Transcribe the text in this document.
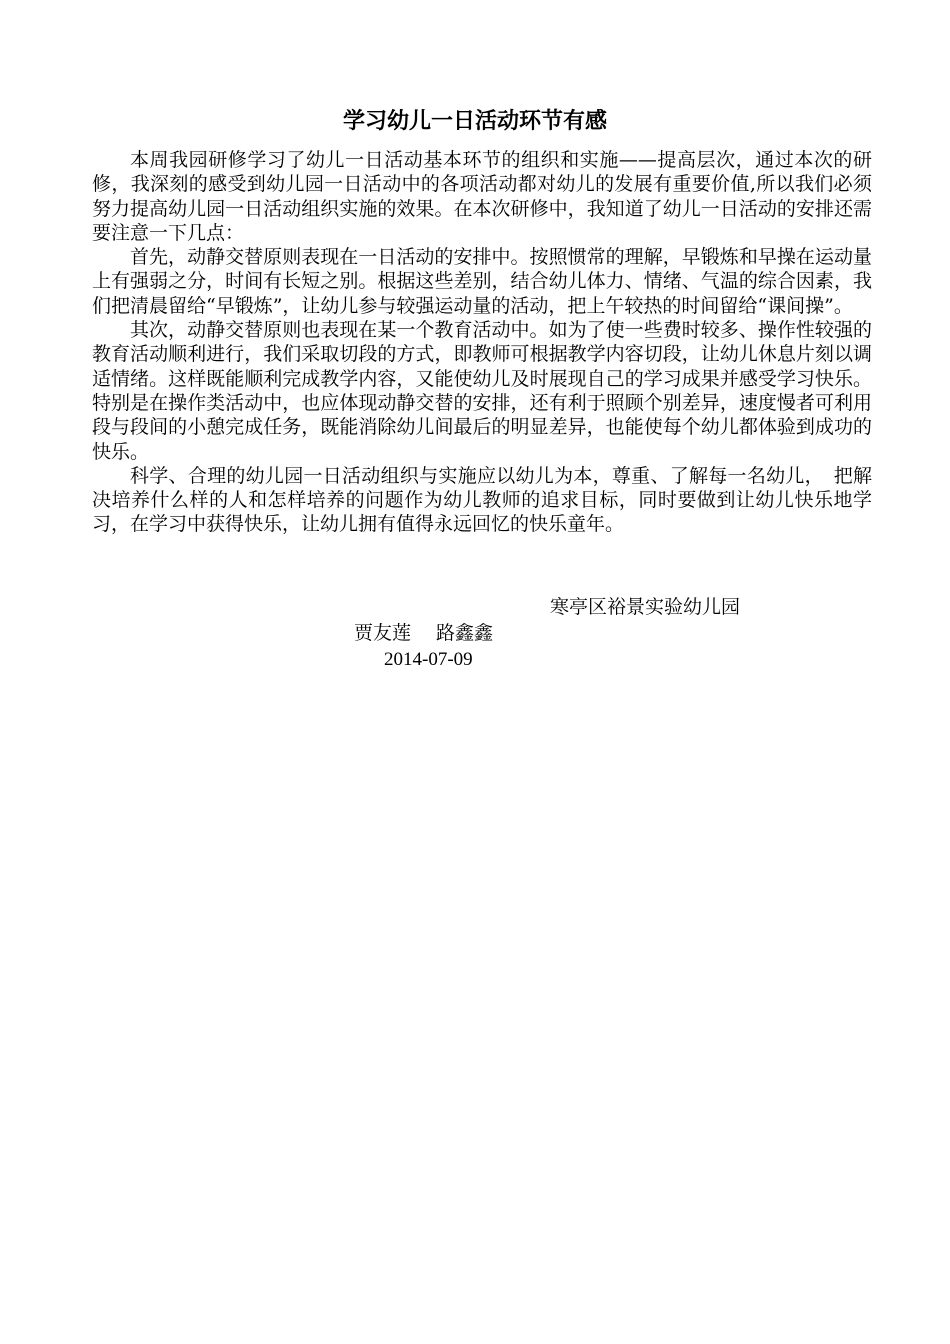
学习幼儿一日活动环节有感

本周我园研修学习了幼儿一日活动基本环节的组织和实施——提高层次，通过本次的研修，我深刻的感受到幼儿园一日活动中的各项活动都对幼儿的发展有重要价值,所以我们必须努力提高幼儿园一日活动组织实施的效果。在本次研修中，我知道了幼儿一日活动的安排还需要注意一下几点：

首先，动静交替原则表现在一日活动的安排中。按照惯常的理解，早锻炼和早操在运动量上有强弱之分，时间有长短之别。根据这些差别，结合幼儿体力、情绪、气温的综合因素，我们把清晨留给“早锻炼”，让幼儿参与较强运动量的活动，把上午较热的时间留给“课间操”。

其次，动静交替原则也表现在某一个教育活动中。如为了使一些费时较多、操作性较强的教育活动顺利进行，我们采取切段的方式，即教师可根据教学内容切段，让幼儿休息片刻以调适情绪。这样既能顺利完成教学内容，又能使幼儿及时展现自己的学习成果并感受学习快乐。特别是在操作类活动中，也应体现动静交替的安排，还有利于照顾个别差异，速度慢者可利用段与段间的小憩完成任务，既能消除幼儿间最后的明显差异，也能使每个幼儿都体验到成功的快乐。

科学、合理的幼儿园一日活动组织与实施应以幼儿为本，尊重、了解每一名幼儿，　把解决培养什么样的人和怎样培养的问题作为幼儿教师的追求目标，同时要做到让幼儿快乐地学习，在学习中获得快乐，让幼儿拥有值得永远回忆的快乐童年。

寒亭区裕景实验幼儿园
贾友莲　 路鑫鑫
2014-07-09
